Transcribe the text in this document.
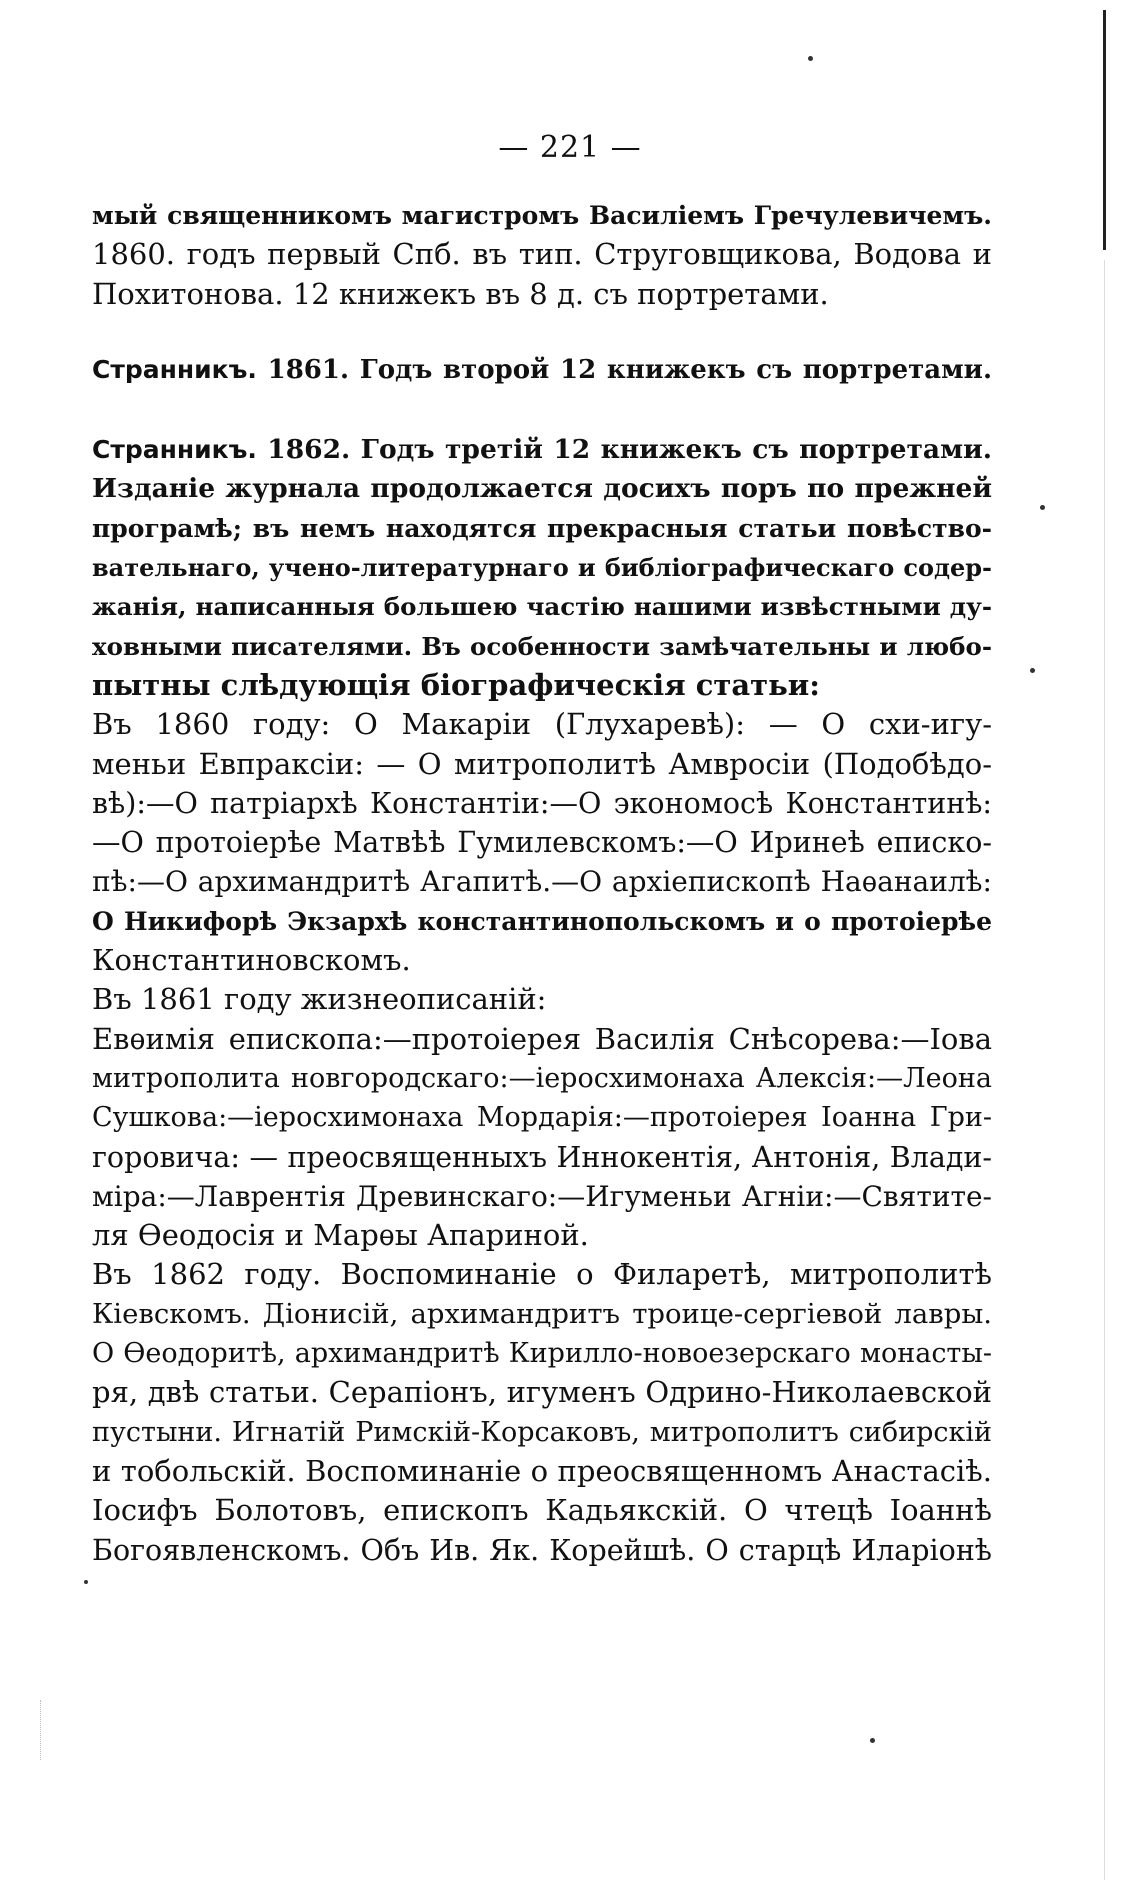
— 221 —

мый священникомъ магистромъ Василіемъ Гречулевичемъ.
1860. годъ первый Спб. въ тип. Струговщикова, Водова и
Похитонова. 12 книжекъ въ 8 д. съ портретами.

Странникъ. 1861. Годъ второй 12 книжекъ съ портретами.

Странникъ. 1862. Годъ третій 12 книжекъ съ портретами.

Изданіе журнала продолжается досихъ поръ по прежней
програмѣ; въ немъ находятся прекрасныя статьи повѣство-
вательнаго, учено-литературнаго и библіографическаго содер-
жанія, написанныя большею частію нашими извѣстными ду-
ховными писателями. Въ особенности замѣчательны и любо-
пытны слѣдующія біографическія статьи:

Въ 1860 году: О Макаріи (Глухаревѣ): — О схи-игу-
меньи Евпраксіи: — О митрополитѣ Амвросіи (Подобѣдо-
вѣ):—О патріархѣ Константіи:—О экономосѣ Константинѣ:
—О протоіерѣе Матвѣѣ Гумилевскомъ:—О Иринеѣ еписко-
пѣ:—О архимандритѣ Агапитѣ.—О архіепископѣ Наѳанаилѣ:
О Никифорѣ Экзархѣ константинопольскомъ и о протоіерѣе
Константиновскомъ.

Въ 1861 году жизнеописаній:

Евѳимія епископа:—протоіерея Василія Снѣсорева:—Іова
митрополита новгородскаго:—іеросхимонаха Алексія:—Леона
Сушкова:—іеросхимонаха Мордарія:—протоіерея Іоанна Гри-
горовича: — преосвященныхъ Иннокентія, Антонія, Влади-
міра:—Лаврентія Древинскаго:—Игуменьи Агніи:—Святите-
ля Ѳеодосія и Марѳы Апариной.

Въ 1862 году. Воспоминаніе о Филаретѣ, митрополитѣ
Кіевскомъ. Діонисій, архимандритъ троице-сергіевой лавры.
О Ѳеодоритѣ, архимандритѣ Кирилло-новоезерскаго монасты-
ря, двѣ статьи. Серапіонъ, игуменъ Одрино-Николаевской
пустыни. Игнатій Римскій-Корсаковъ, митрополитъ сибирскій
и тобольскій. Воспоминаніе о преосвященномъ Анастасіѣ.
Іосифъ Болотовъ, епископъ Кадьякскій. О чтецѣ Іоаннѣ
Богоявленскомъ. Объ Ив. Як. Корейшѣ. О старцѣ Иларіонѣ
